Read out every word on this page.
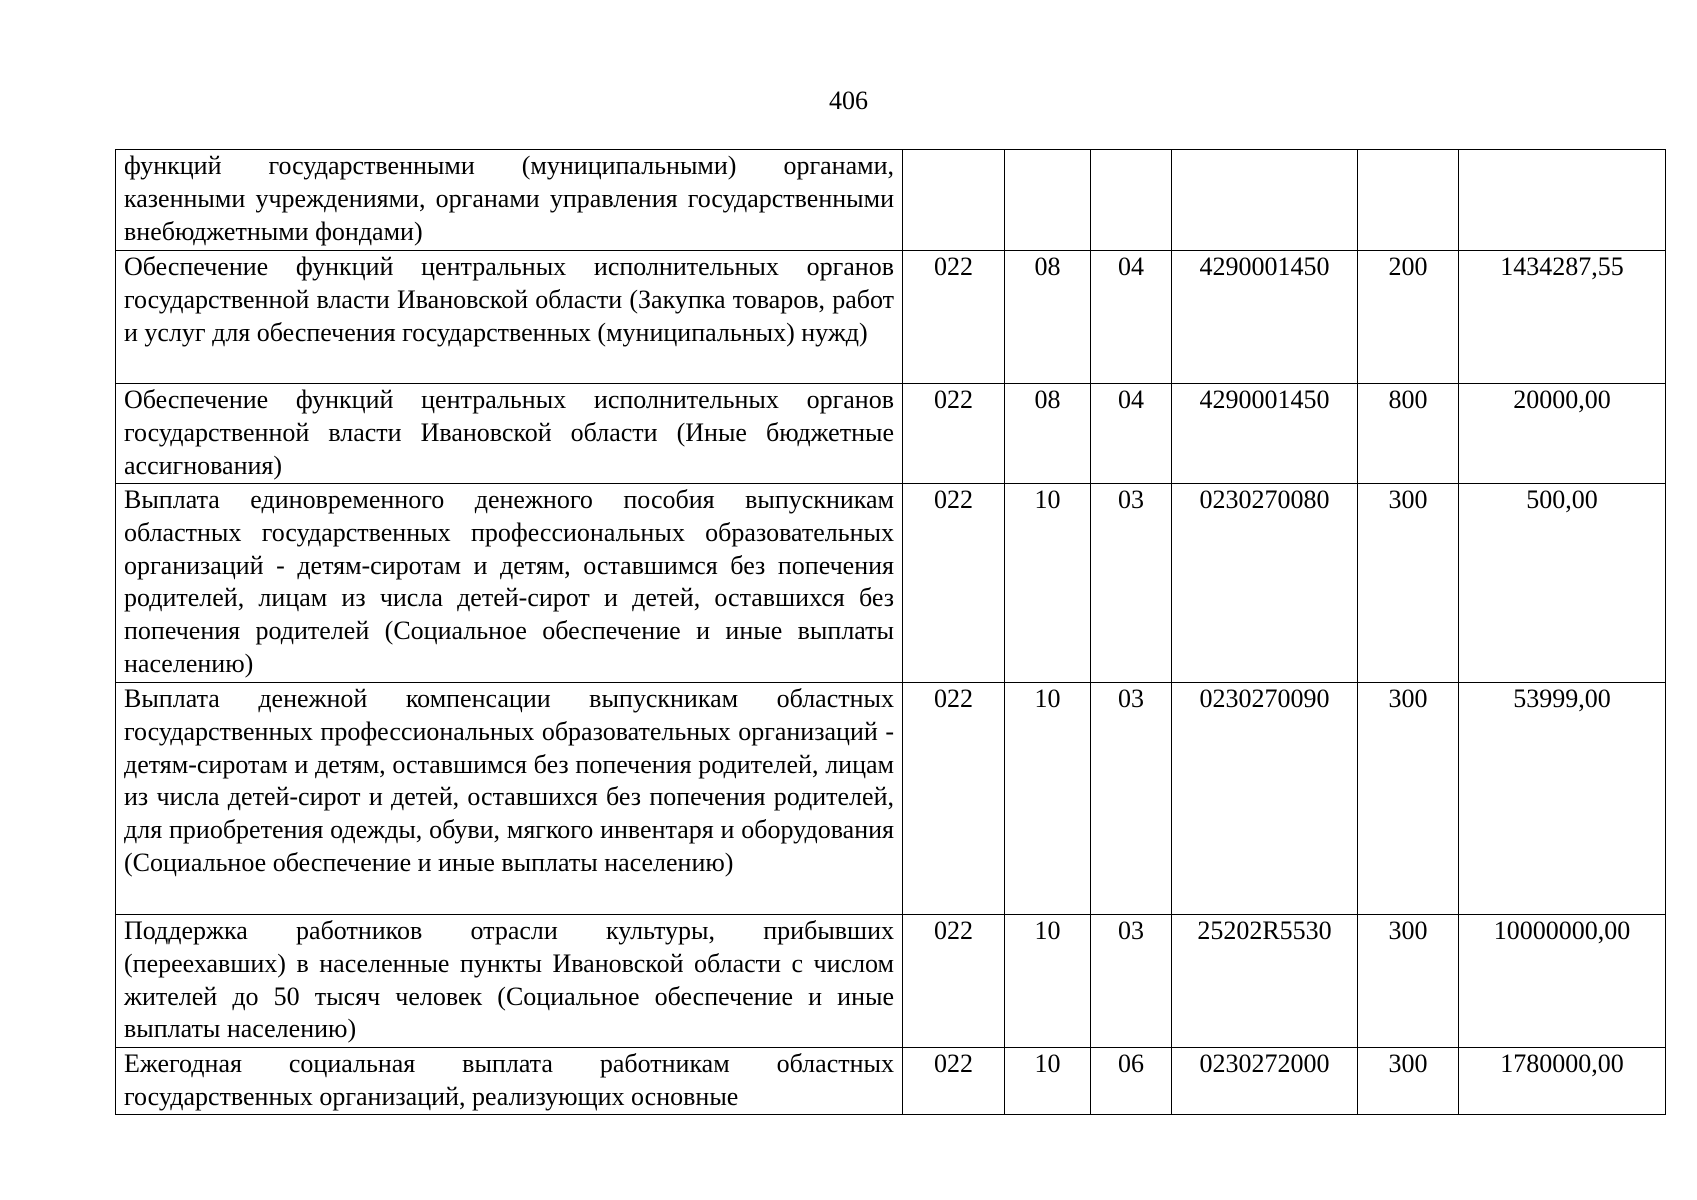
406
функций государственными (муниципальными) органами, казенными учреждениями, органами управления государственными внебюджетными фондами)						
Обеспечение функций центральных исполнительных органов государственной власти Ивановской области (Закупка товаров, работ и услуг для обеспечения государственных (муниципальных) нужд)	022	08	04	4290001450	200	1434287,55
Обеспечение функций центральных исполнительных органов государственной власти Ивановской области (Иные бюджетные ассигнования)	022	08	04	4290001450	800	20000,00
Выплата единовременного денежного пособия выпускникам областных государственных профессиональных образовательных организаций - детям-сиротам и детям, оставшимся без попечения родителей, лицам из числа детей-сирот и детей, оставшихся без попечения родителей (Социальное обеспечение и иные выплаты населению)	022	10	03	0230270080	300	500,00
Выплата денежной компенсации выпускникам областных государственных профессиональных образовательных организаций - детям-сиротам и детям, оставшимся без попечения родителей, лицам из числа детей-сирот и детей, оставшихся без попечения родителей, для приобретения одежды, обуви, мягкого инвентаря и оборудования (Социальное обеспечение и иные выплаты населению)	022	10	03	0230270090	300	53999,00
Поддержка работников отрасли культуры, прибывших (переехавших) в населенные пункты Ивановской области с числом жителей до 50 тысяч человек (Социальное обеспечение и иные выплаты населению)	022	10	03	25202R5530	300	10000000,00
Ежегодная социальная выплата работникам областных государственных организаций, реализующих основные	022	10	06	0230272000	300	1780000,00
